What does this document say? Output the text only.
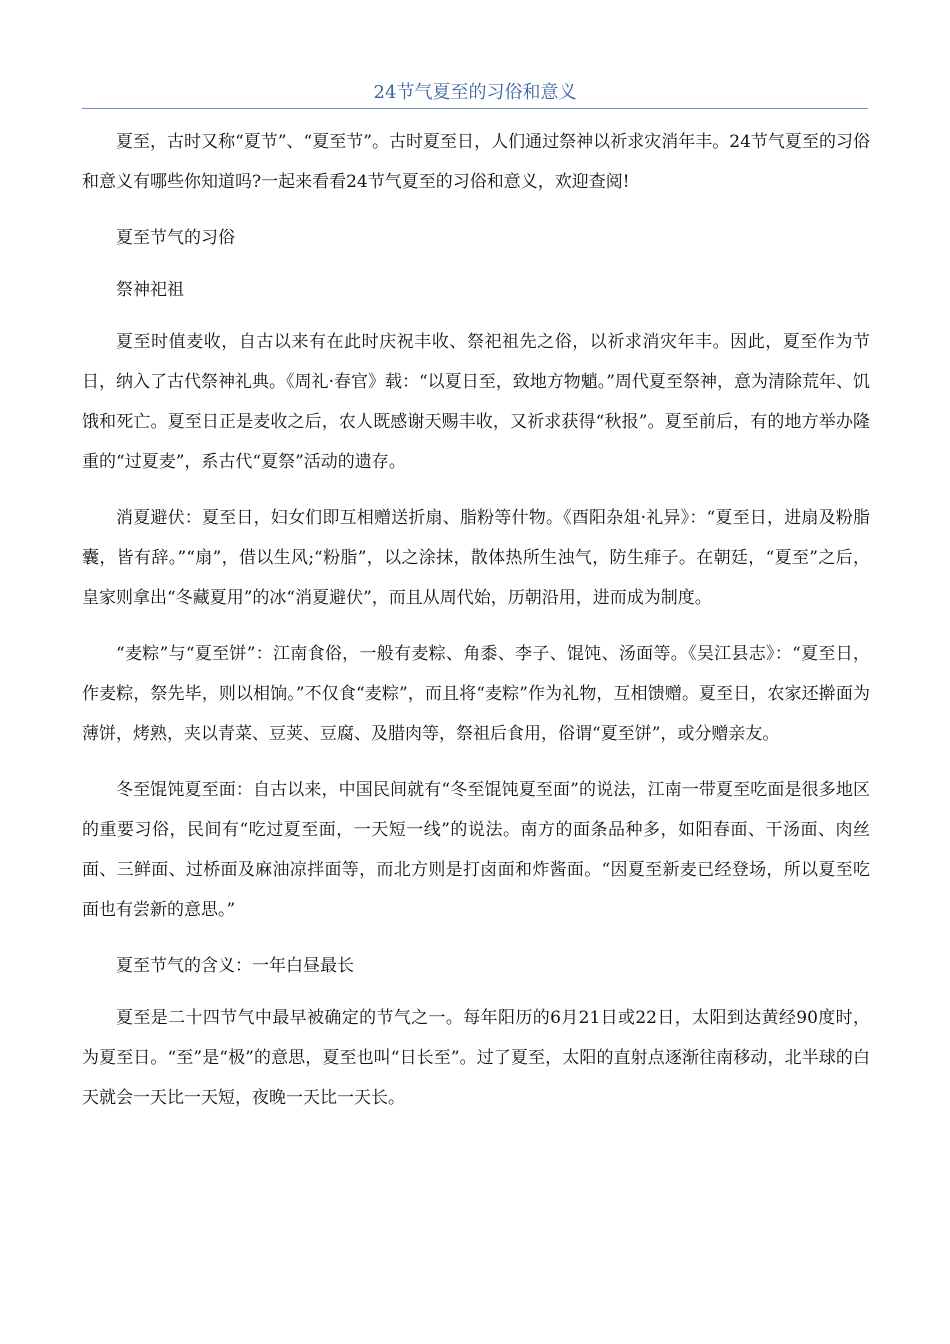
24节气夏至的习俗和意义

夏至，古时又称“夏节”、“夏至节”。古时夏至日，人们通过祭神以祈求灾消年丰。24节气夏至的习俗和意义有哪些你知道吗?一起来看看24节气夏至的习俗和意义，欢迎查阅!

夏至节气的习俗

祭神祀祖

夏至时值麦收，自古以来有在此时庆祝丰收、祭祀祖先之俗，以祈求消灾年丰。因此，夏至作为节日，纳入了古代祭神礼典。《周礼·春官》载：“以夏日至，致地方物魈。”周代夏至祭神，意为清除荒年、饥饿和死亡。夏至日正是麦收之后，农人既感谢天赐丰收，又祈求获得“秋报”。夏至前后，有的地方举办隆重的“过夏麦”，系古代“夏祭”活动的遗存。

消夏避伏：夏至日，妇女们即互相赠送折扇、脂粉等什物。《酉阳杂俎·礼异》：“夏至日，进扇及粉脂囊，皆有辞。”“扇”，借以生风;“粉脂”，以之涂抹，散体热所生浊气，防生痱子。在朝廷，“夏至”之后，皇家则拿出“冬藏夏用”的冰“消夏避伏”，而且从周代始，历朝沿用，进而成为制度。

“麦粽”与“夏至饼”：江南食俗，一般有麦粽、角黍、李子、馄饨、汤面等。《吴江县志》：“夏至日，作麦粽，祭先毕，则以相饷。”不仅食“麦粽”，而且将“麦粽”作为礼物，互相馈赠。夏至日，农家还擀面为薄饼，烤熟，夹以青菜、豆荚、豆腐、及腊肉等，祭祖后食用，俗谓“夏至饼”，或分赠亲友。

冬至馄饨夏至面：自古以来，中国民间就有“冬至馄饨夏至面”的说法，江南一带夏至吃面是很多地区的重要习俗，民间有“吃过夏至面，一天短一线”的说法。南方的面条品种多，如阳春面、干汤面、肉丝面、三鲜面、过桥面及麻油凉拌面等，而北方则是打卤面和炸酱面。“因夏至新麦已经登场，所以夏至吃面也有尝新的意思。”

夏至节气的含义：一年白昼最长

夏至是二十四节气中最早被确定的节气之一。每年阳历的6月21日或22日，太阳到达黄经90度时，为夏至日。“至”是“极”的意思，夏至也叫“日长至”。过了夏至，太阳的直射点逐渐往南移动，北半球的白天就会一天比一天短，夜晚一天比一天长。
